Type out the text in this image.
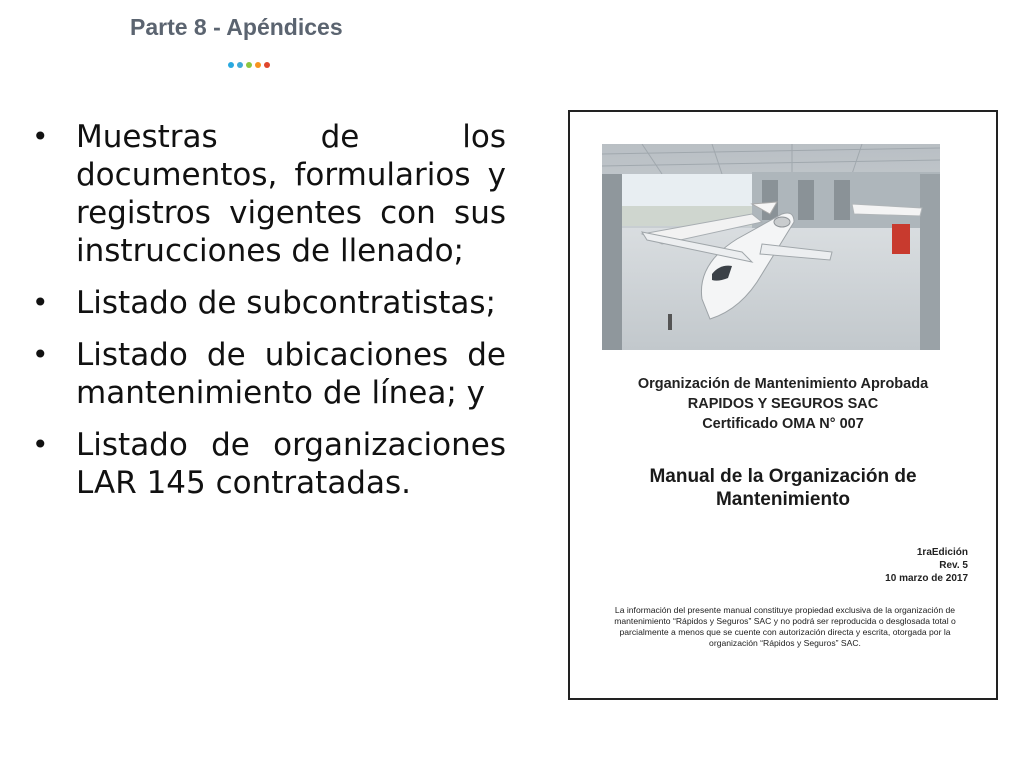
Parte 8 - Apéndices
• Muestras de los documentos, formularios y registros vigentes con sus instrucciones de llenado;
• Listado de subcontratistas;
• Listado de ubicaciones de mantenimiento de línea; y
• Listado de organizaciones LAR 145 contratadas.
Organización de Mantenimiento Aprobada
RAPIDOS Y SEGUROS SAC
Certificado OMA N° 007
Manual de la Organización de
Mantenimiento
1raEdición
Rev. 5
10 marzo de 2017
La información del presente manual constituye propiedad exclusiva de la organización de mantenimiento “Rápidos y Seguros” SAC y no podrá ser reproducida o desglosada total o parcialmente a menos que se cuente con autorización directa y escrita, otorgada por la organización “Rápidos y Seguros” SAC.
